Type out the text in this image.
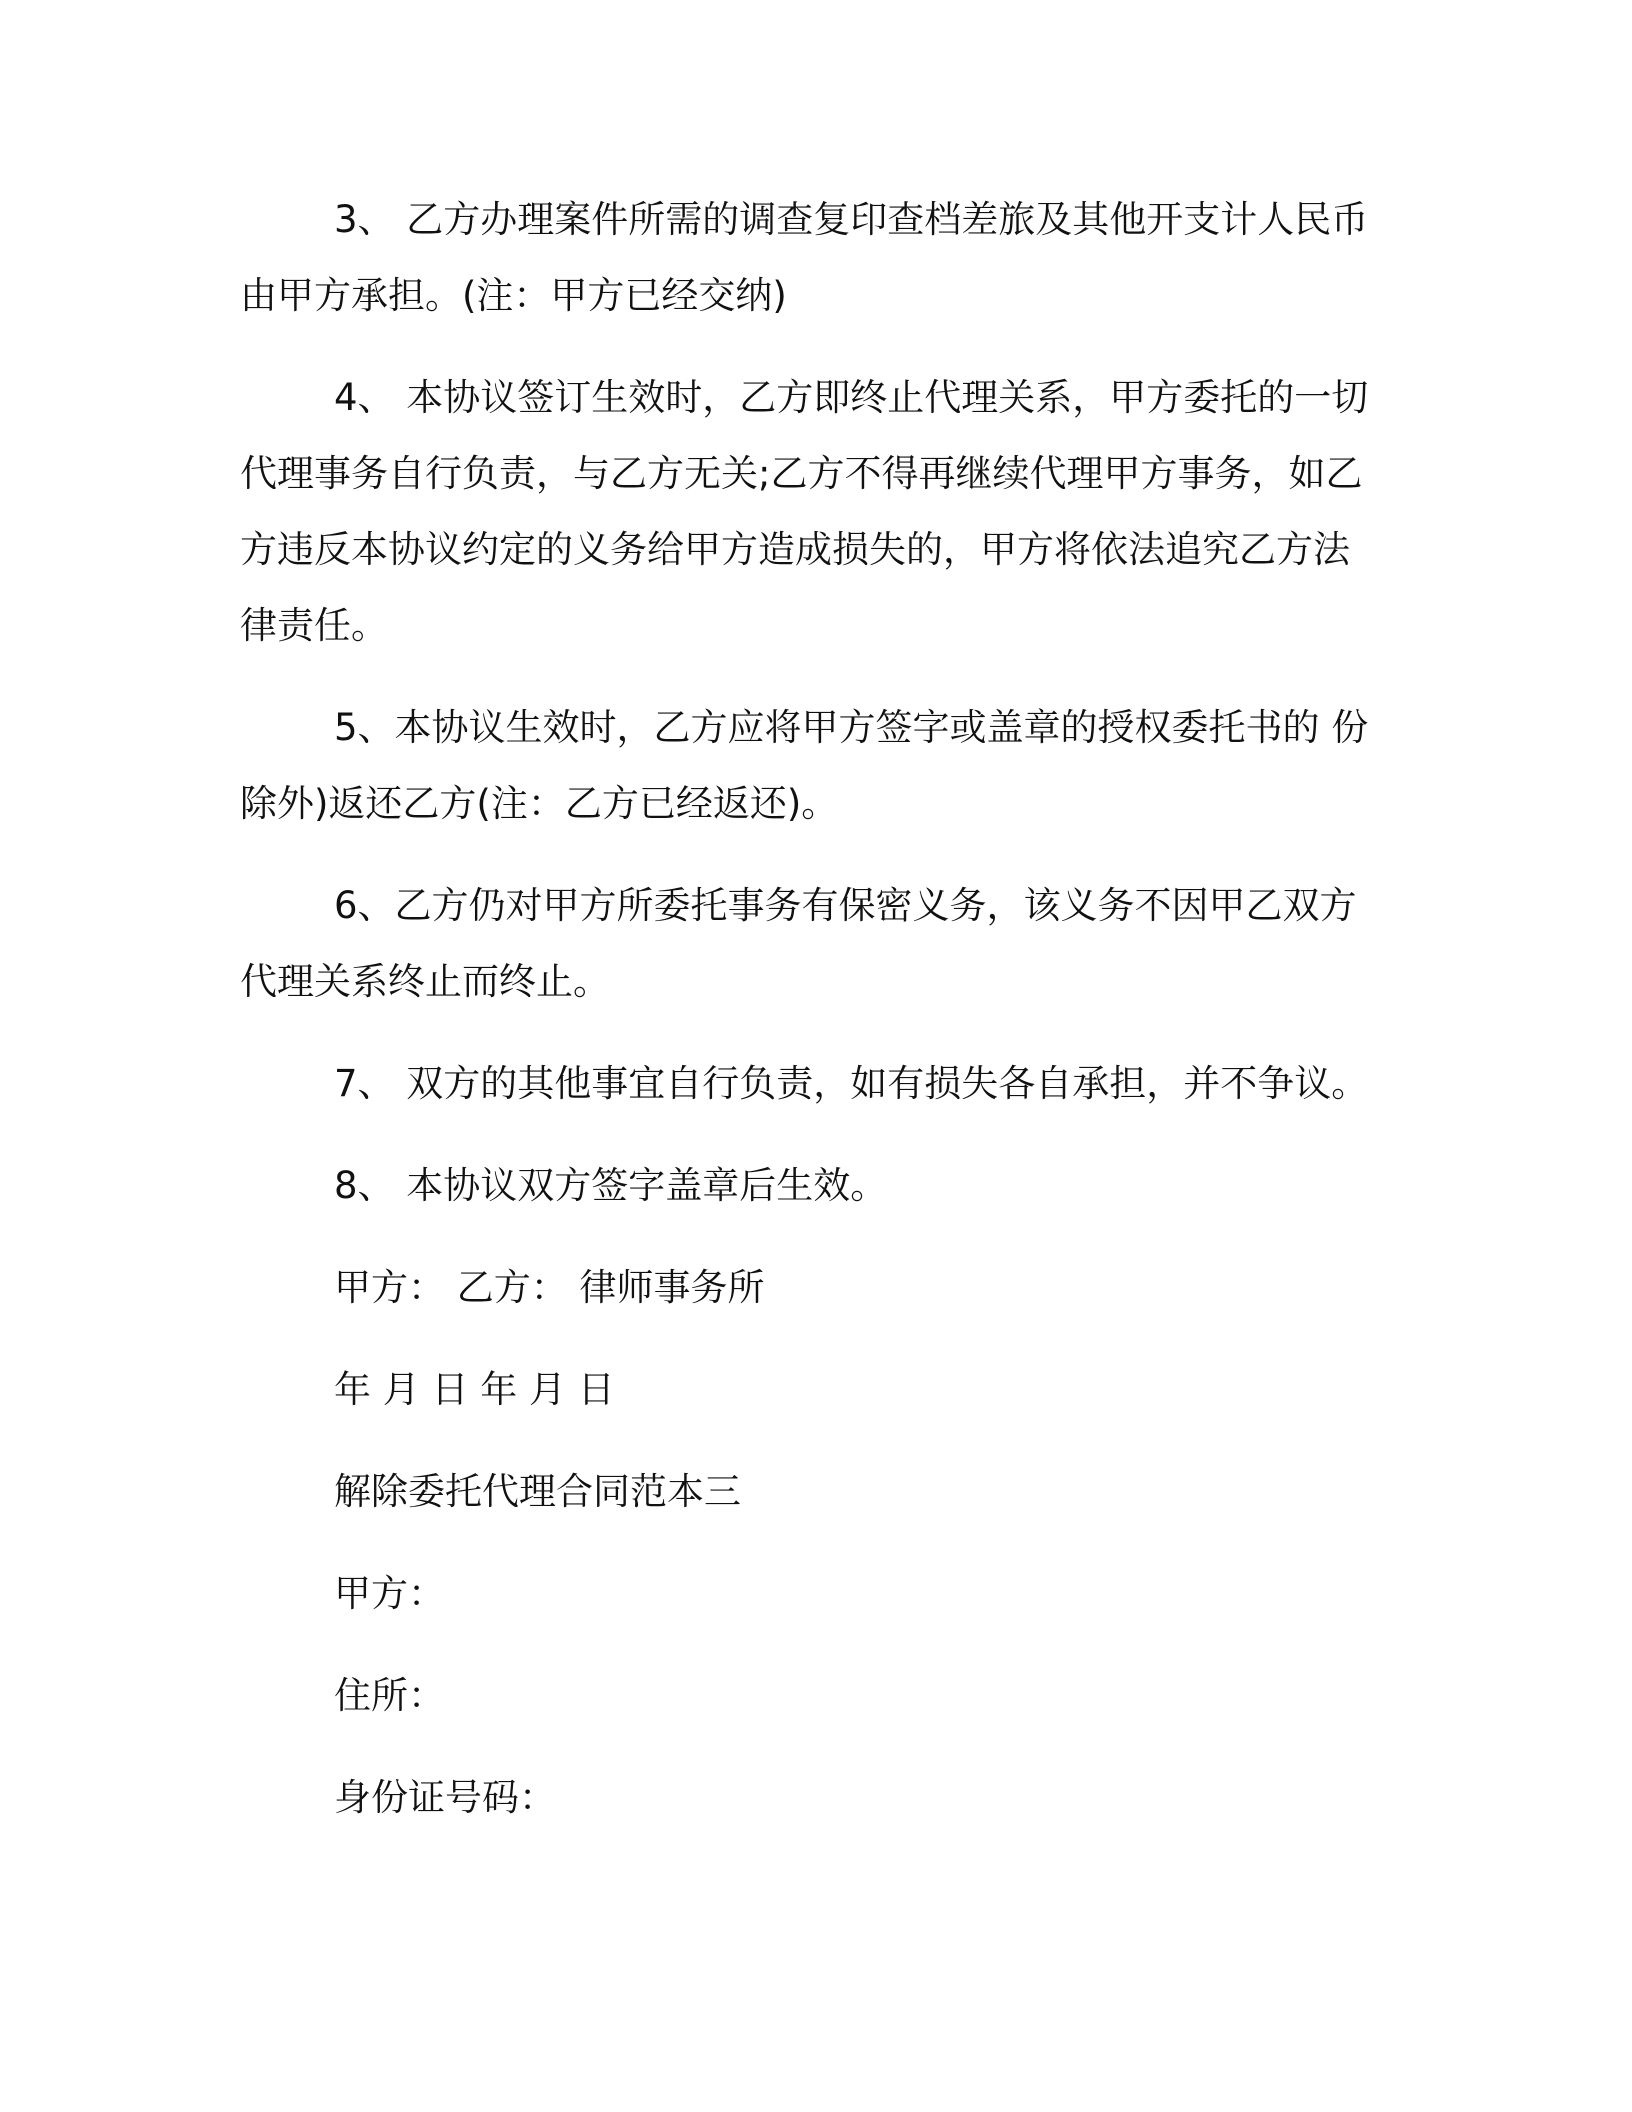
3、 乙方办理案件所需的调查复印查档差旅及其他开支计人民币
由甲方承担。(注：甲方已经交纳)
4、 本协议签订生效时，乙方即终止代理关系，甲方委托的一切
代理事务自行负责，与乙方无关;乙方不得再继续代理甲方事务，如乙
方违反本协议约定的义务给甲方造成损失的，甲方将依法追究乙方法
律责任。
5、本协议生效时，乙方应将甲方签字或盖章的授权委托书的 份
除外)返还乙方(注：乙方已经返还)。
6、乙方仍对甲方所委托事务有保密义务，该义务不因甲乙双方
代理关系终止而终止。
7、 双方的其他事宜自行负责，如有损失各自承担，并不争议。
8、 本协议双方签字盖章后生效。
甲方： 乙方： 律师事务所
年 月 日 年 月 日
解除委托代理合同范本三
甲方：
住所：
身份证号码：
